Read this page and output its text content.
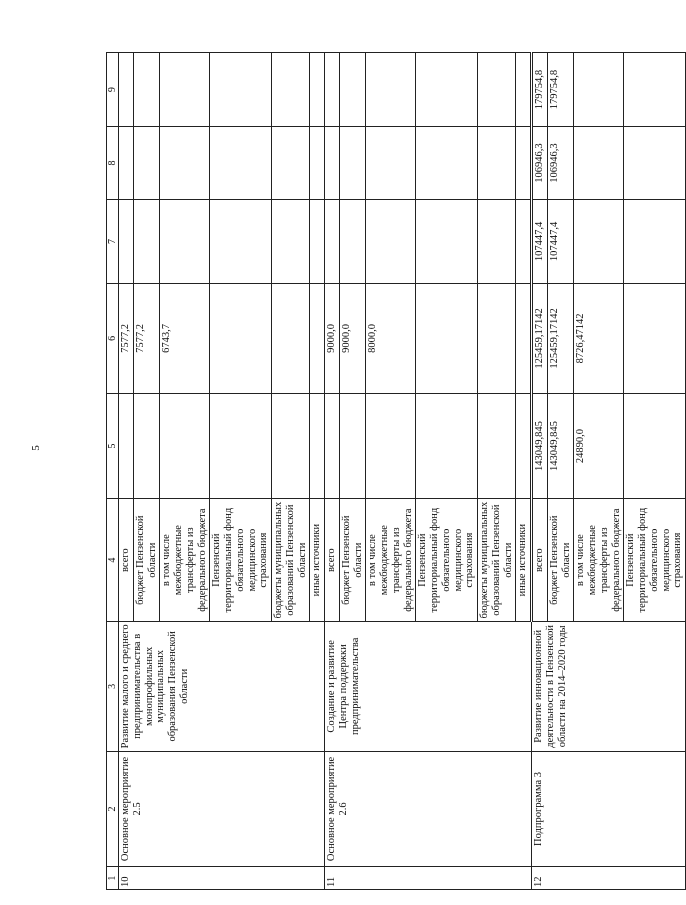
5
1	2	3	4	5	6	7	8	9
10	Основное мероприятие 2.5	Развитие малого и среднего предпринимательства в монопрофильных муниципальных образования Пензенской области	всего		7577,2			
			бюджет Пензенской области		7577,2			
			в том числе межбюджетные трансферты из федерального бюджета		6743,7			
			Пензенский территориальный фонд обязательного медицинского страхования					
			бюджеты муниципальных образований Пензенской области					
			иные источники					
11	Основное мероприятие 2.6	Создание и развитие Центра поддержки предпринимательства	всего		9000,0			
			бюджет Пензенской области		9000,0			
			в том числе межбюджетные трансферты из федерального бюджета		8000,0			
			Пензенский территориальный фонд обязательного медицинского страхования					
			бюджеты муниципальных образований Пензенской области					
			иные источники					
12	Подпрограмма 3	Развитие инновационной деятельности в Пензенской области на 2014–2020 годы	всего	143049,845	125459,17142	107447,4	106946,3	179754,8
			бюджет Пензенской области	143049,845	125459,17142	107447,4	106946,3	179754,8
			в том числе межбюджетные трансферты из федерального бюджета	24890,0	8726,47142			
			Пензенский территориальный фонд обязательного медицинского страхования					
